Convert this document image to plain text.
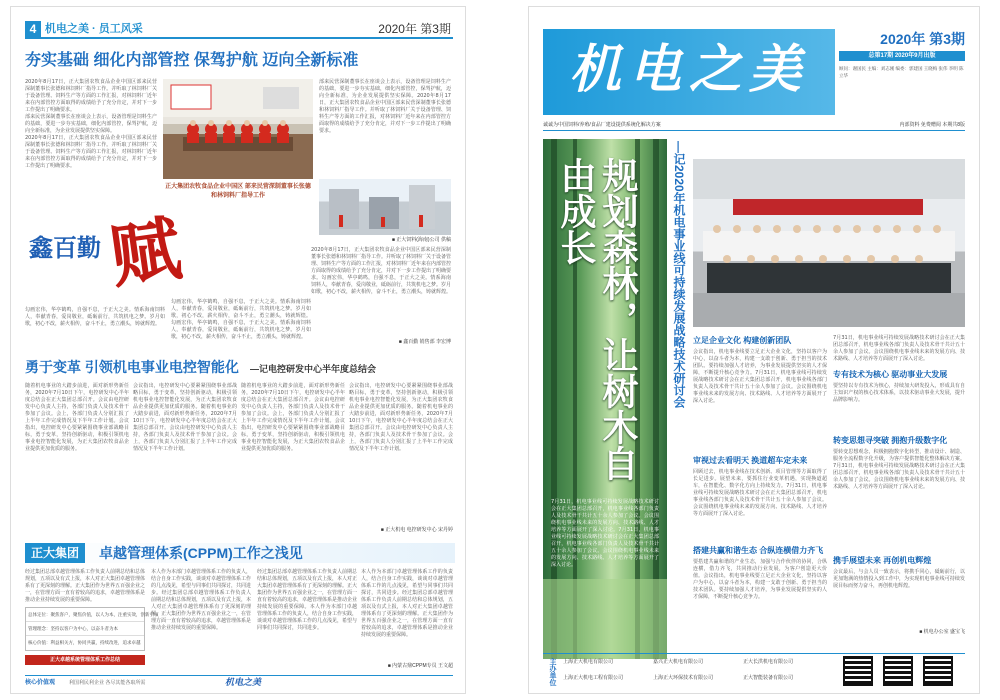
4 机电之美 · 员工风采	2020年 第3期
夯实基础 细化内部管控 保驾护航 迈向全新标准
2020年8月17日，正大集团农牧食品企业中国区部来民营深制董事长张德和林饲料厂指导工作。并听取了林饲料厂关于设备管理、饲料生产等方面的工作汇报，对林饲料厂近年来在内部管控方面取得的成绩给予了充分肯定，并对下一步工作提出了明确要求。
部来民营深制董事长在座谈会上表示，设备管理是饲料生产的基础，要进一步夯实基础，细化内部管控，保驾护航，迈向全新标准，为企业发展提供坚实保障。
2020年8月17日，正大集团农牧食品企业中国区部来民营深制董事长张德和林饲料厂指导工作。并听取了林饲料厂关于设备管理、饲料生产等方面的工作汇报，对林饲料厂近年来在内部管控方面取得的成绩给予了充分肯定，并对下一步工作提出了明确要求。
正大集团农牧食品企业中国区 部来民营深制董事长张德和林饲料厂指导工作
部来民营深制董事长在座谈会上表示，设备管理是饲料生产的基础，要进一步夯实基础，细化内部管控，保驾护航，迈向全新标准，为企业发展提供坚实保障。2020年8月17日，正大集团农牧食品企业中国区部来民营深制董事长张德和林饲料厂指导工作。并听取了林饲料厂关于设备管理、饲料生产等方面的工作汇报，对林饲料厂近年来在内部管控方面取得的成绩给予了充分肯定，并对下一步工作提出了明确要求。
■ 正大饲料(海南)公司 供稿
鑫百勤 赋
勾画宏伟，华亭鹤鸣，自强不息，于正大之美。情系海南饲料人，奉献青春，爱岗敬业，砥砺前行，共筑机电之梦。岁月如歌，初心不改，薪火相传，奋斗不止，勇立潮头，铸就辉煌。
勾画宏伟，华亭鹤鸣，自强不息，于正大之美。情系海南饲料人，奉献青春，爱岗敬业，砥砺前行，共筑机电之梦。岁月如歌，初心不改，薪火相传，奋斗不止，勇立潮头，铸就辉煌。勾画宏伟，华亭鹤鸣，自强不息，于正大之美。情系海南饲料人，奉献青春，爱岗敬业，砥砺前行，共筑机电之梦。岁月如歌，初心不改，薪火相传，奋斗不止，勇立潮头，铸就辉煌。
2020年8月17日，正大集团农牧食品企业中国区部来民营深制董事长张德和林饲料厂指导工作。并听取了林饲料厂关于设备管理、饲料生产等方面的工作汇报，对林饲料厂近年来在内部管控方面取得的成绩给予了充分肯定，并对下一步工作提出了明确要求。勾画宏伟，华亭鹤鸣，自强不息，于正大之美。情系海南饲料人，奉献青春，爱岗敬业，砥砺前行，共筑机电之梦。岁月如歌，初心不改，薪火相传，奋斗不止，勇立潮头，铸就辉煌。
■ 鑫百勤 销售部 李宏博
勇于变革 引领机电事业电控智能化 —记电控研发中心半年度总结会
随着机电事业的大踏步前进，面对新形势新任务，2020年7月10日下午，电控研发中心半年度总结会在正大集团总部召开。会议由电控研发中心负责人主持，各部门负责人及技术骨干参加了会议。会上，各部门负责人分别汇报了上半年工作完成情况及下半年工作计划。会议指出，电控研发中心要紧紧围绕事业部战略目标，勇于变革，坚持创新驱动，积极引领机电事业电控智能化发展，为正大集团农牧食品企业提供更加优质的服务。
会议指出，电控研发中心要紧紧围绕事业部战略目标，勇于变革，坚持创新驱动，积极引领机电事业电控智能化发展，为正大集团农牧食品企业提供更加优质的服务。随着机电事业的大踏步前进，面对新形势新任务，2020年7月10日下午，电控研发中心半年度总结会在正大集团总部召开。会议由电控研发中心负责人主持，各部门负责人及技术骨干参加了会议。会上，各部门负责人分别汇报了上半年工作完成情况及下半年工作计划。
随着机电事业的大踏步前进，面对新形势新任务，2020年7月10日下午，电控研发中心半年度总结会在正大集团总部召开。会议由电控研发中心负责人主持，各部门负责人及技术骨干参加了会议。会上，各部门负责人分别汇报了上半年工作完成情况及下半年工作计划。会议指出，电控研发中心要紧紧围绕事业部战略目标，勇于变革，坚持创新驱动，积极引领机电事业电控智能化发展，为正大集团农牧食品企业提供更加优质的服务。
会议指出，电控研发中心要紧紧围绕事业部战略目标，勇于变革，坚持创新驱动，积极引领机电事业电控智能化发展，为正大集团农牧食品企业提供更加优质的服务。随着机电事业的大踏步前进，面对新形势新任务，2020年7月10日下午，电控研发中心半年度总结会在正大集团总部召开。会议由电控研发中心负责人主持，各部门负责人及技术骨干参加了会议。会上，各部门负责人分别汇报了上半年工作完成情况及下半年工作计划。
■ 正大机电 电控研发中心 宋丹婷
正大集团	卓越管理体系(CPPM)工作之浅见
经过集团总部卓越管理体系工作负责人前期总结和总体规划，五项以及有式上报，本人对正大集团卓越管理体系有了更深刻的理解。正大集团作为世界五百强企业之一，在管理方面一直有着较高的追求，卓越管理体系是推动企业持续发展的重要保障。
总体定位：聚焦客户，聚焦价值，以人为本，注重实效，创新引领
管理理念：坚持以客户为中心，以奋斗者为本
核心价值：利益相关方，协同共赢，持续改进，追求卓越
正大卓越系统管理体系工作总结
本人作为本部门卓越管理体系工作的负责人，结合自身工作实践，谈谈对卓越管理体系工作的几点浅见，希望与同事们共同探讨，共同进步。经过集团总部卓越管理体系工作负责人前期总结和总体规划，五项以及有式上报，本人对正大集团卓越管理体系有了更深刻的理解。正大集团作为世界五百强企业之一，在管理方面一直有着较高的追求，卓越管理体系是推动企业持续发展的重要保障。
经过集团总部卓越管理体系工作负责人前期总结和总体规划，五项以及有式上报，本人对正大集团卓越管理体系有了更深刻的理解。正大集团作为世界五百强企业之一，在管理方面一直有着较高的追求，卓越管理体系是推动企业持续发展的重要保障。本人作为本部门卓越管理体系工作的负责人，结合自身工作实践，谈谈对卓越管理体系工作的几点浅见，希望与同事们共同探讨，共同进步。
本人作为本部门卓越管理体系工作的负责人，结合自身工作实践，谈谈对卓越管理体系工作的几点浅见，希望与同事们共同探讨，共同进步。经过集团总部卓越管理体系工作负责人前期总结和总体规划，五项以及有式上报，本人对正大集团卓越管理体系有了更深刻的理解。正大集团作为世界五百强企业之一，在管理方面一直有着较高的追求，卓越管理体系是推动企业持续发展的重要保障。
■ 内蒙古鼎CPPM专员 王文超
核心价值观	利国利民利企业 各尽其能各取所需	机电之美
机电之美
2020年 第3期
总第17期 2020年9月出版
顾问：谢国民 主编：刘志刚 编委：郭建国 王晓梅 张伟 李明 陈立华
诚诚为中国饲料/养殖/食品厂建设提供系统化解决方案	内部资料 免费赠阅 本期共8版
规划森林，让树木自由成长
7月31日，机电事业线可持续发展战略技术研讨会在正大集团总部召开，机电事业线各部门负责人及技术骨干共计五十余人参加了会议。会议围绕机电事业线未来的发展方向、技术路线、人才培养等方面展开了深入讨论。7月31日，机电事业线可持续发展战略技术研讨会在正大集团总部召开，机电事业线各部门负责人及技术骨干共计五十余人参加了会议。会议围绕机电事业线未来的发展方向、技术路线、人才培养等方面展开了深入讨论。
—记2020年机电事业线可持续发展战略技术研讨会 立足企业文化 构建创新团队
会议指出，机电事业线要立足正大企业文化，坚持以客户为中心，以奋斗者为本，构建一支敢于创新、勇于担当的技术团队。要持续加强人才培养，为事业发展提供坚实的人才保障，不断提升核心竞争力。7月31日，机电事业线可持续发展战略技术研讨会在正大集团总部召开，机电事业线各部门负责人及技术骨干共计五十余人参加了会议。会议围绕机电事业线未来的发展方向、技术路线、人才培养等方面展开了深入讨论。
审视过去看明天 换道超车定未来
回顾过去，机电事业线在技术创新、项目管理等方面取得了长足进步。展望未来，要抓住行业变革机遇，实现换道超车，在智能化、数字化方向上持续发力。7月31日，机电事业线可持续发展战略技术研讨会在正大集团总部召开，机电事业线各部门负责人及技术骨干共计五十余人参加了会议。会议围绕机电事业线未来的发展方向、技术路线、人才培养等方面展开了深入讨论。
搭建共赢和谐生态 合纵连横借力齐飞
要搭建共赢和谐的产业生态，加强与合作伙伴的协同，合纵连横，借力齐飞，共同推动行业发展，为客户创造更大价值。会议指出，机电事业线要立足正大企业文化，坚持以客户为中心，以奋斗者为本，构建一支敢于创新、勇于担当的技术团队。要持续加强人才培养，为事业发展提供坚实的人才保障，不断提升核心竞争力。
7月31日，机电事业线可持续发展战略技术研讨会在正大集团总部召开，机电事业线各部门负责人及技术骨干共计五十余人参加了会议。会议围绕机电事业线未来的发展方向、技术路线、人才培养等方面展开了深入讨论。
专有技术为核心 驱动事业大发展
要坚持以专有技术为核心，持续加大研发投入，形成具有自主知识产权的核心技术体系，以技术驱动事业大发展，提升品牌影响力。
转变思想寻突破 拥抱升级数字化
要转变思想观念，积极拥抱数字化转型，推动设计、制造、服务全流程数字化升级，为客户提供智能化整体解决方案。7月31日，机电事业线可持续发展战略技术研讨会在正大集团总部召开，机电事业线各部门负责人及技术骨干共计五十余人参加了会议。会议围绕机电事业线未来的发展方向、技术路线、人才培养等方面展开了深入讨论。
携手展望未来 再创机电辉煌
会议最后，与会人员一致表示，将携手同心，砥砺前行，以更加饱满的热情投入到工作中，为实现机电事业线可持续发展目标而努力奋斗，再创机电辉煌。
■ 机电办公室 盛宝飞
主办单位 上海正大机电有限公司	嘉兴正大机电有限公司	正大长洪机电有限公司
上海正大机电工程有限公司	上海正大环保技术有限公司	正大智能装备有限公司
